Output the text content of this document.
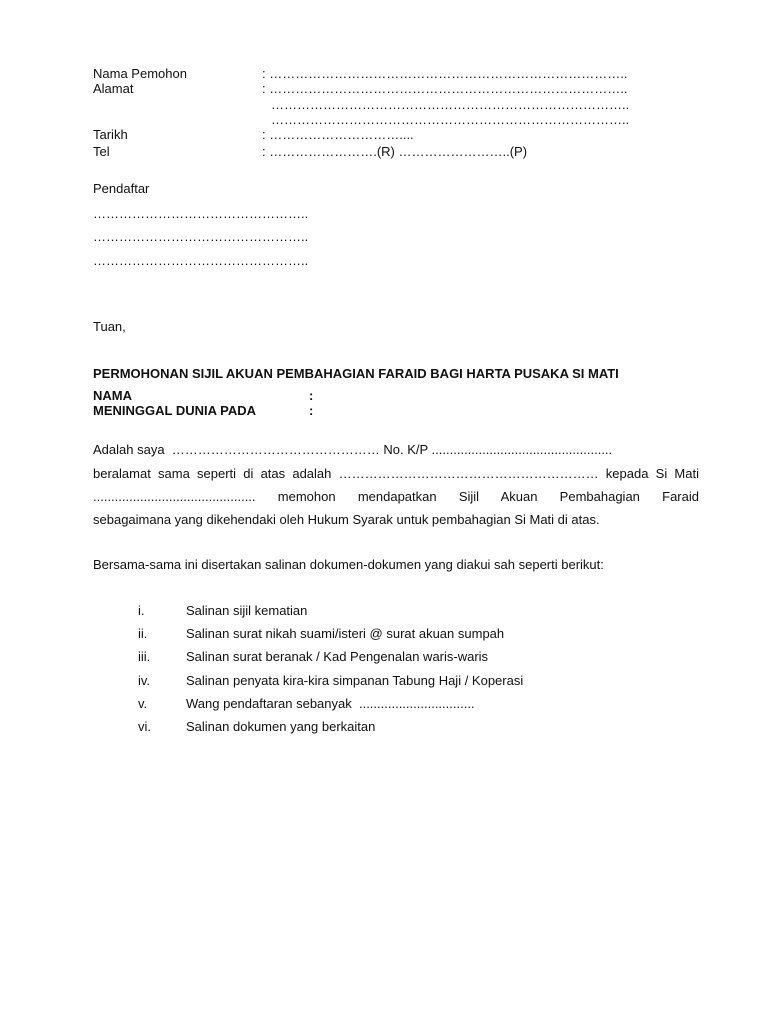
Nama Pemohon	: ………………………………………………………………………..
Alamat	: ………………………………………………………………………..
………………………………………………………………………..
………………………………………………………………………..
Tarikh	: …………………………....
Tel	: …………………….(R) ……………………..(P)
Pendaftar
…………………………………………..
…………………………………………..
…………………………………………..
Tuan,
PERMOHONAN SIJIL AKUAN PEMBAHAGIAN FARAID BAGI HARTA PUSAKA SI MATI
NAMA	:
MENINGGAL DUNIA PADA	:
Adalah saya  ………………………………………… No. K/P ..................................................
beralamat sama seperti di atas adalah …………………………………………………… kepada Si Mati
............................................. memohon mendapatkan Sijil Akuan Pembahagian Faraid
sebagaimana yang dikehendaki oleh Hukum Syarak untuk pembahagian Si Mati di atas.
Bersama-sama ini disertakan salinan dokumen-dokumen yang diakui sah seperti berikut:
i.	Salinan sijil kematian
ii.	Salinan surat nikah suami/isteri @ surat akuan sumpah
iii.	Salinan surat beranak / Kad Pengenalan waris-waris
iv.	Salinan penyata kira-kira simpanan Tabung Haji / Koperasi
v.	Wang pendaftaran sebanyak  ................................
vi.	Salinan dokumen yang berkaitan
